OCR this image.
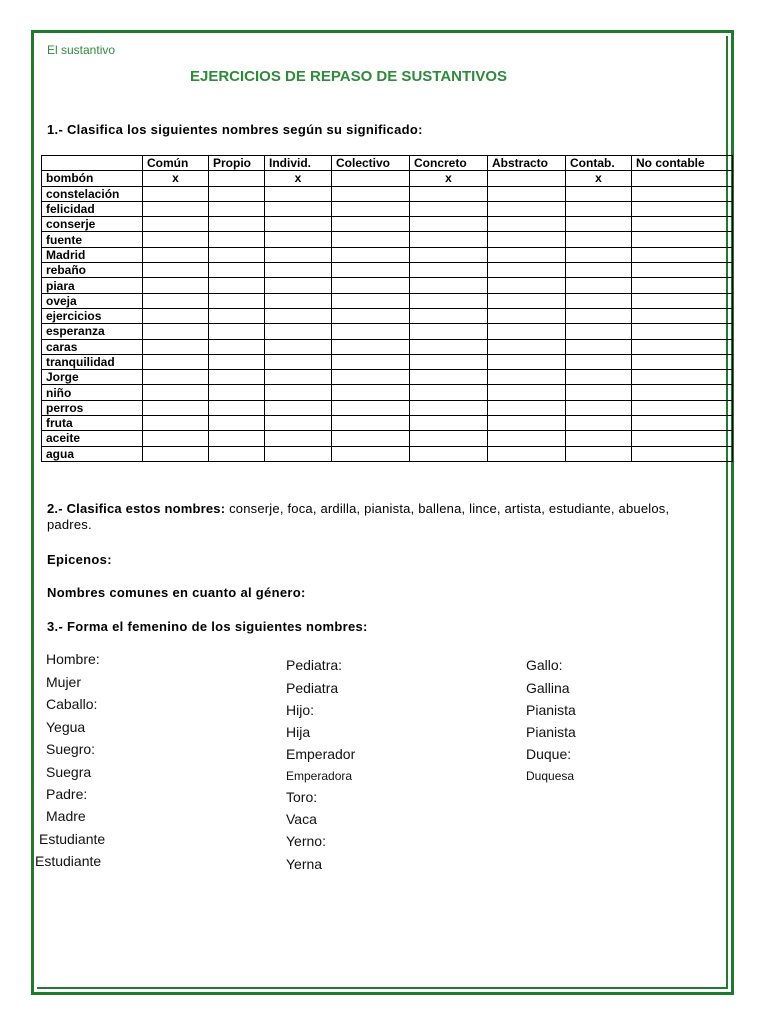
El sustantivo
EJERCICIOS DE REPASO DE SUSTANTIVOS
1.- Clasifica los siguientes nombres según su significado:
	Común	Propio	Individ.	Colectivo	Concreto	Abstracto	Contab.	No contable
bombón	x		x		x		x	
constelación								
felicidad								
conserje								
fuente								
Madrid								
rebaño								
piara								
oveja								
ejercicios								
esperanza								
caras								
tranquilidad								
Jorge								
niño								
perros								
fruta								
aceite								
agua								
2.- Clasifica estos nombres: conserje, foca, ardilla, pianista, ballena, lince, artista, estudiante, abuelos, padres.
Epicenos:
Nombres comunes en cuanto al género:
3.- Forma el femenino de los siguientes nombres:
Hombre:
Mujer
Caballo:
Yegua
Suegro:
Suegra
Padre:
Madre
Estudiante
Estudiante
Pediatra:
Pediatra
Hijo:
Hija
Emperador
Emperadora
Toro:
Vaca
Yerno:
Yerna
Gallo:
Gallina
Pianista
Pianista
Duque:
Duquesa
